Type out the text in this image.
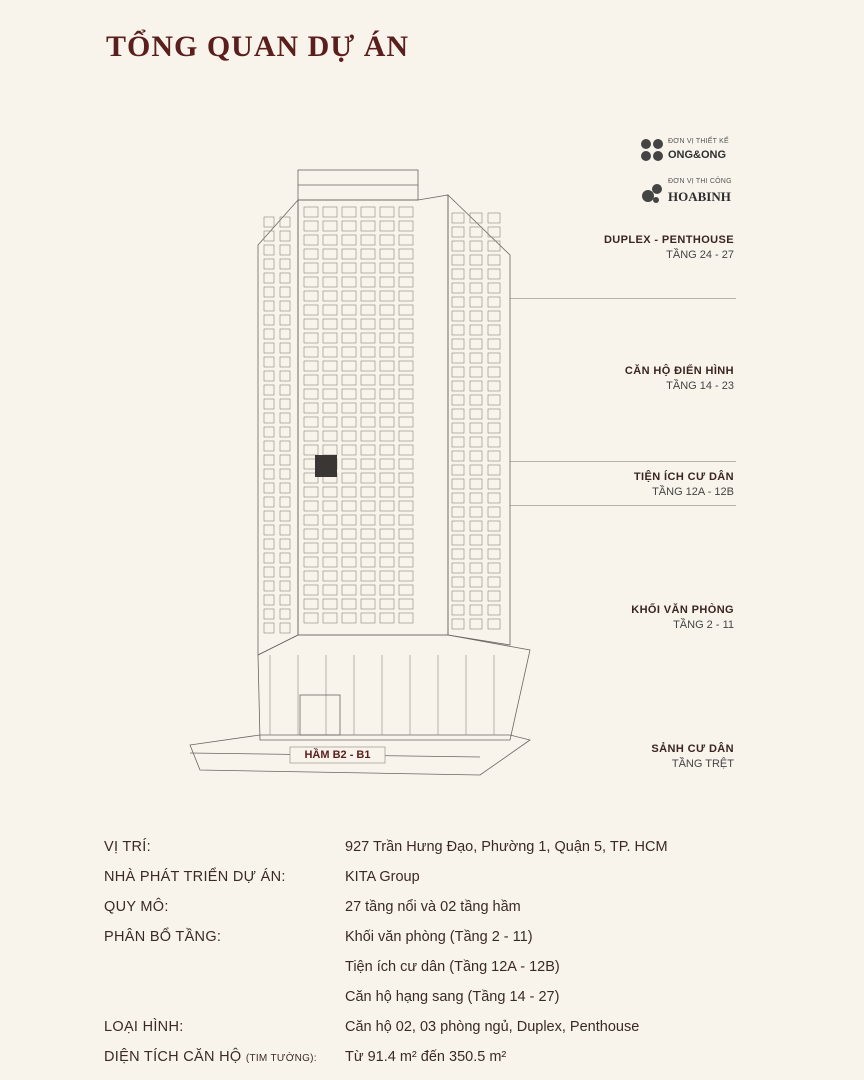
TỔNG QUAN DỰ ÁN
ĐƠN VỊ THIẾT KẾ
ONG&ONG
ĐƠN VỊ THI CÔNG
HOABINH
DUPLEX - PENTHOUSE
TẦNG 24 - 27
CĂN HỘ ĐIỂN HÌNH
TẦNG 14 - 23
TIỆN ÍCH CƯ DÂN
TẦNG 12A - 12B
KHỐI VĂN PHÒNG
TẦNG 2 - 11
SẢNH CƯ DÂN
TẦNG TRỆT
HẦM B2 - B1
VỊ TRÍ:	927 Trần Hưng Đạo, Phường 1, Quận 5, TP. HCM
NHÀ PHÁT TRIỂN DỰ ÁN:	KITA Group
QUY MÔ:	27 tầng nổi và 02 tầng hầm
PHÂN BỔ TẦNG:	Khối văn phòng (Tầng 2 - 11)
Tiện ích cư dân (Tầng 12A - 12B)
Căn hộ hạng sang (Tầng 14 - 27)
LOẠI HÌNH:	Căn hộ 02, 03 phòng ngủ, Duplex, Penthouse
DIỆN TÍCH CĂN HỘ (TIM TƯỜNG):	Từ 91.4 m² đến 350.5 m²
